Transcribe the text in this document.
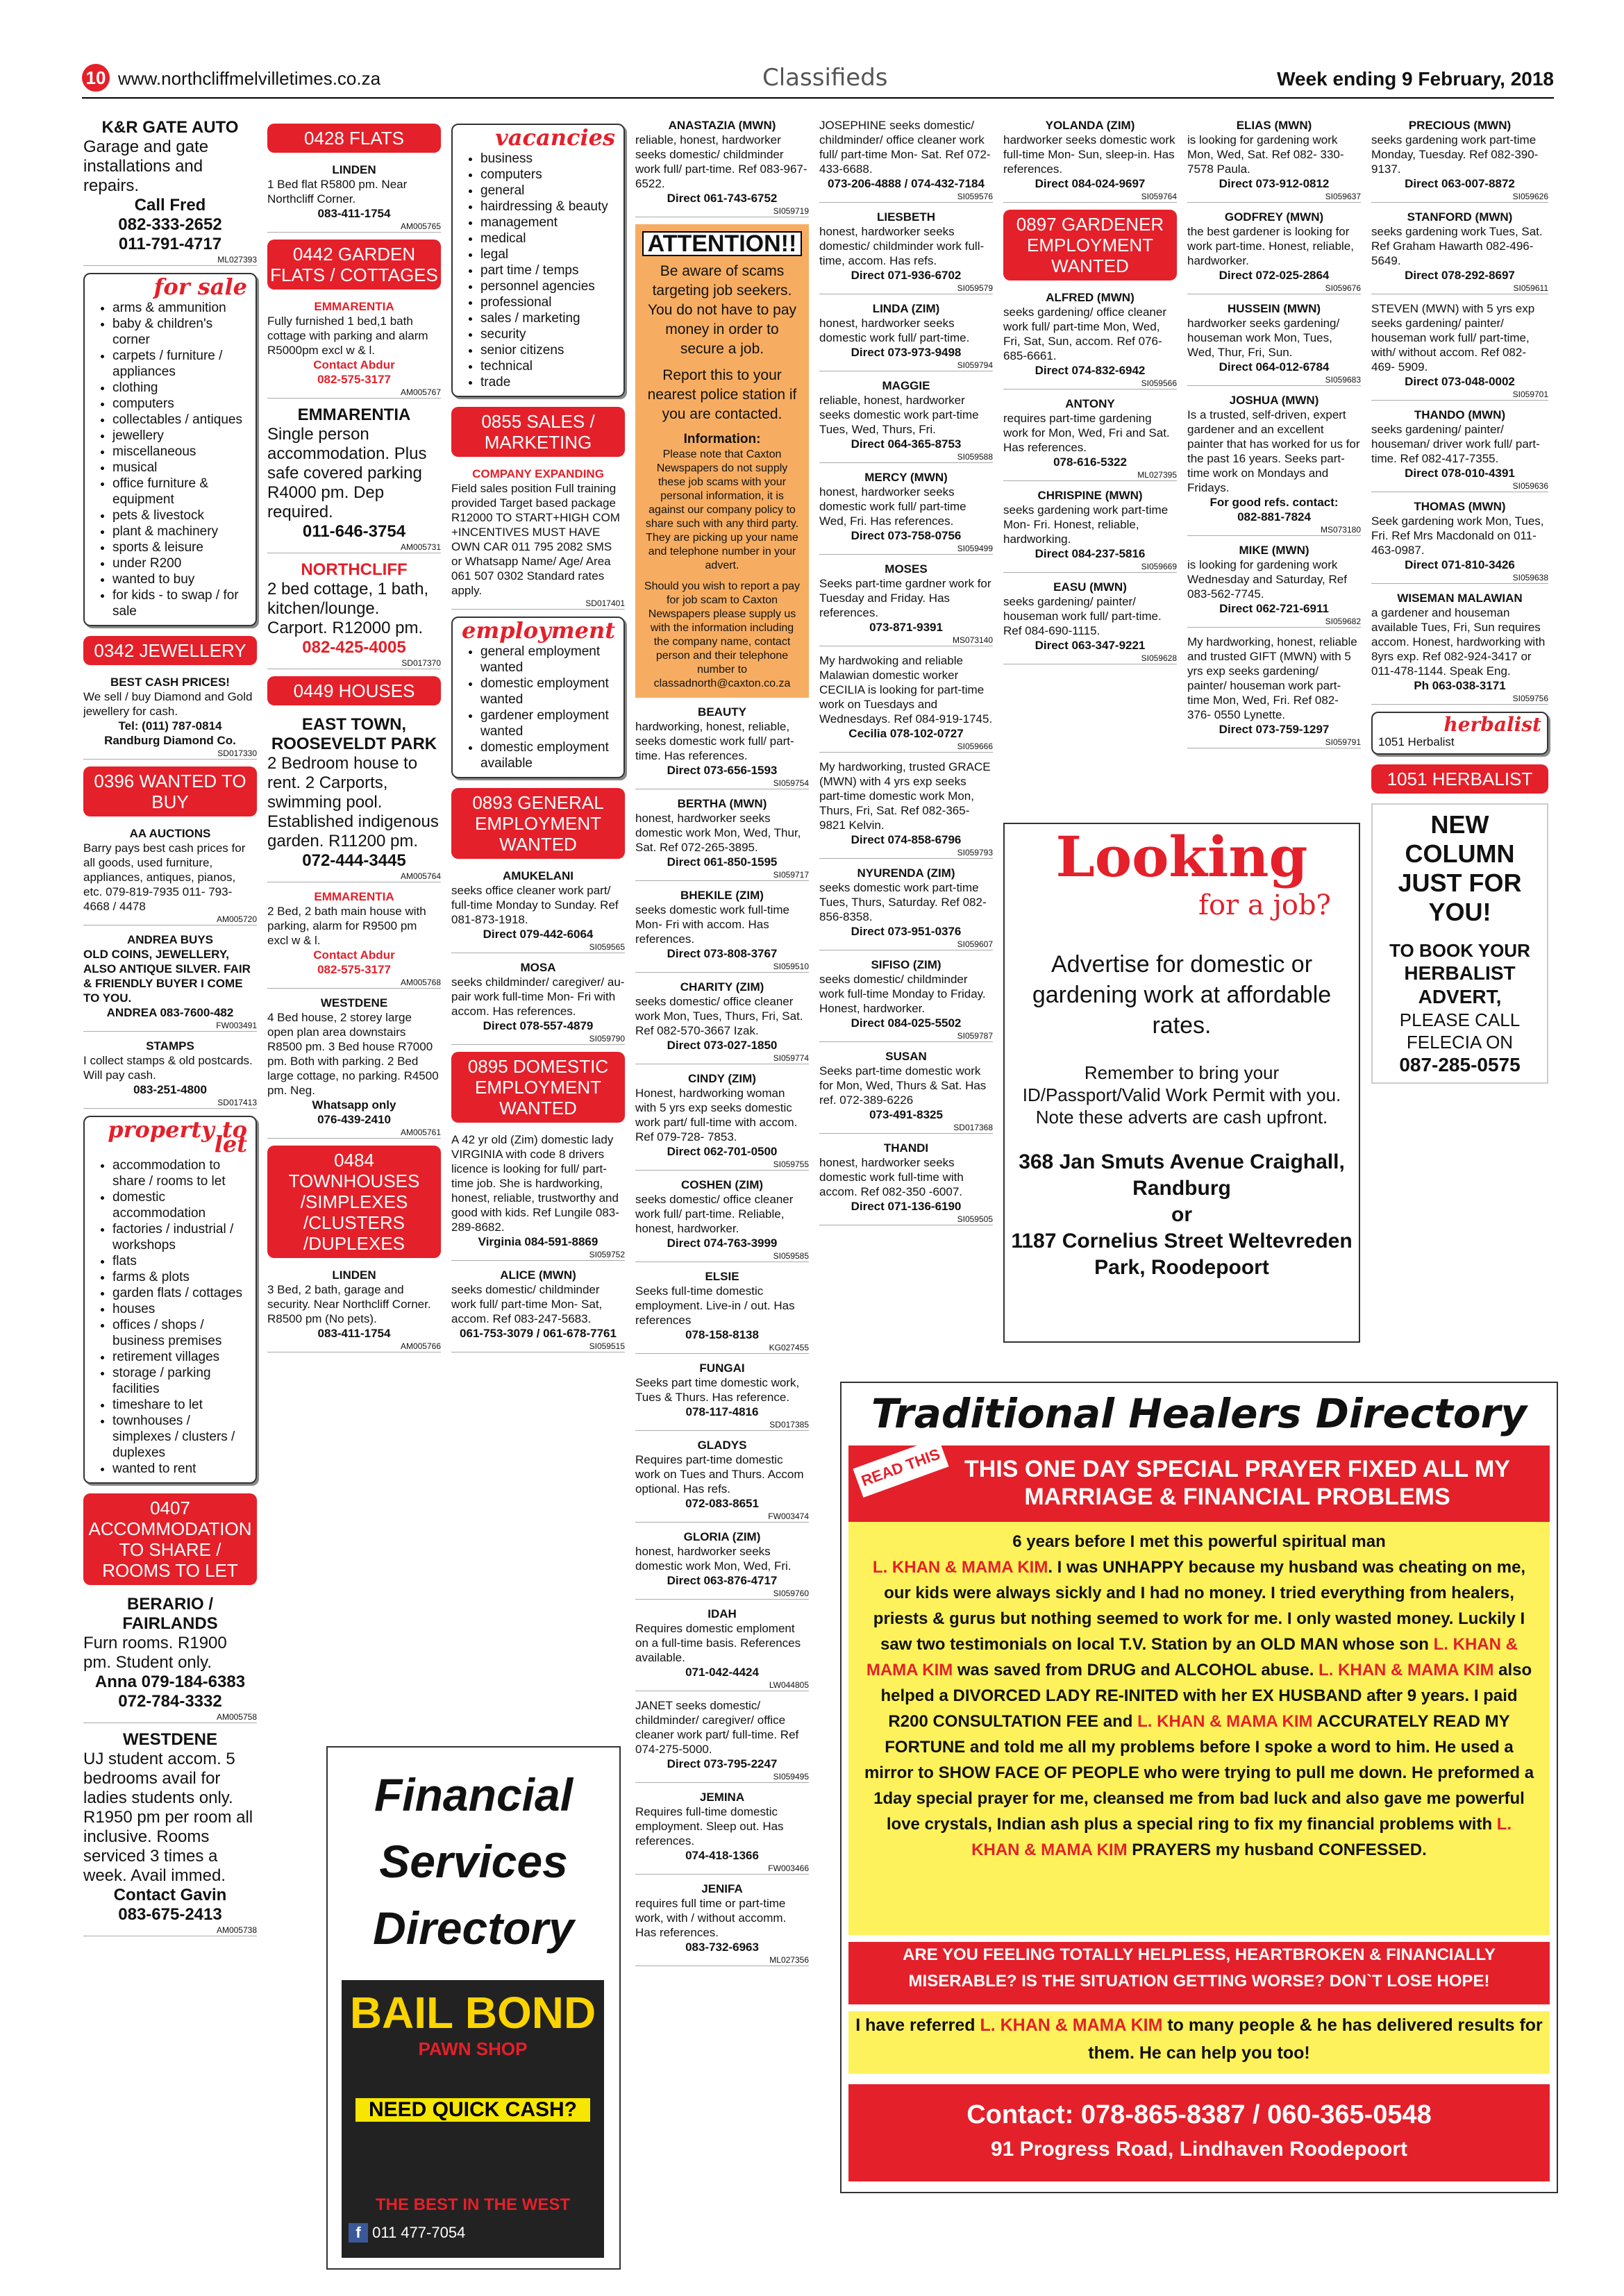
10 www.northcliffmelvilletimes.co.za	Classifieds	Week ending 9 February, 2018
K&R GATE AUTO

Garage and gate installations and repairs.

Call Fred
082-333-2652
011-791-4717
ML027393
for sale
• arms & ammunition
• baby & children's corner
• carpets / furniture / appliances
• clothing
• computers
• collectables / antiques
• jewellery
• miscellaneous
• musical
• office furniture & equipment
• pets & livestock
• plant & machinery
• sports & leisure
• under R200
• wanted to buy
• for kids - to swap / for sale
0342 JEWELLERY
BEST CASH PRICES!

We sell / buy Diamond and Gold jewellery for cash.

Tel: (011) 787-0814
Randburg Diamond Co.
SD017330
0396 WANTED TO BUY
AA AUCTIONS

Barry pays best cash prices for all goods, used furniture, appliances, antiques, pianos, etc. 079-819-7935 011- 793- 4668 / 4478

AM005720
ANDREA BUYS

OLD COINS, JEWELLERY, ALSO ANTIQUE SILVER. FAIR & FRIENDLY BUYER I COME TO YOU.

ANDREA 083-7600-482
FW003491
STAMPS

I collect stamps & old postcards. Will pay cash.

083-251-4800
SD017413
property to let
• accommodation to share / rooms to let
• domestic accommodation
• factories / industrial / workshops
• flats
• farms & plots
• garden flats / cottages
• houses
• offices / shops / business premises
• retirement villages
• storage / parking facilities
• timeshare to let
• townhouses / simplexes / clusters / duplexes
• wanted to rent
0407 ACCOMMODATION TO SHARE / ROOMS TO LET
BERARIO / FAIRLANDS

Furn rooms. R1900 pm. Student only.

Anna 079-184-6383
072-784-3332
AM005758
WESTDENE

UJ student accom. 5 bedrooms avail for ladies students only. R1950 pm per room all inclusive. Rooms serviced 3 times a week. Avail immed.

Contact Gavin
083-675-2413
AM005738
0428 FLATS
LINDEN

1 Bed flat R5800 pm. Near Northcliff Corner.

083-411-1754
AM005765
0442 GARDEN FLATS / COTTAGES
EMMARENTIA

Fully furnished 1 bed,1 bath cottage with parking and alarm R5000pm excl w & l.

Contact Abdur
082-575-3177
AM005767
EMMARENTIA

Single person accommodation. Plus safe covered parking R4000 pm. Dep required.

011-646-3754
AM005731
NORTHCLIFF

2 bed cottage, 1 bath, kitchen/lounge. Carport. R12000 pm.

082-425-4005
SD017370
0449 HOUSES
EAST TOWN, ROOSEVELDT PARK

2 Bedroom house to rent. 2 Carports, swimming pool. Established indigenous garden. R11200 pm.

072-444-3445
AM005764
EMMARENTIA

2 Bed, 2 bath main house with parking, alarm for R9500 pm excl w & l.

Contact Abdur
082-575-3177
AM005768
WESTDENE

4 Bed house, 2 storey large open plan area downstairs R8500 pm. 3 Bed house R7000 pm. Both with parking. 2 Bed large cottage, no parking. R4500 pm. Neg.

Whatsapp only
076-439-2410
AM005761
0484 TOWNHOUSES /SIMPLEXES /CLUSTERS /DUPLEXES
LINDEN

3 Bed, 2 bath, garage and security. Near Northcliff Corner. R8500 pm (No pets).

083-411-1754
AM005766
vacancies
• business
• computers
• general
• hairdressing & beauty
• management
• medical
• legal
• part time / temps
• personnel agencies
• professional
• sales / marketing
• security
• senior citizens
• technical
• trade
0855 SALES / MARKETING
COMPANY EXPANDING

Field sales position Full training provided Target based package R12000 TO START+HIGH COM +INCENTIVES MUST HAVE OWN CAR 011 795 2082 SMS or Whatsapp Name/ Age/ Area 061 507 0302 Standard rates apply.

SD017401
employment
• general employment wanted
• domestic employment wanted
• gardener employment wanted
• domestic employment available
0893 GENERAL EMPLOYMENT WANTED
AMUKELANI

seeks office cleaner work part/ full-time Monday to Sunday. Ref 081-873-1918.

Direct 079-442-6064
SI059565
MOSA

seeks childminder/ caregiver/ au-pair work full-time Mon- Fri with accom. Has references.

Direct 078-557-4879
SI059790
0895 DOMESTIC EMPLOYMENT WANTED

A 42 yr old (Zim) domestic lady VIRGINIA with code 8 drivers licence is looking for full/ part-time job. She is hardworking, honest, reliable, trustworthy and good with kids. Ref Lungile 083-289-8682.

Virginia 084-591-8869
SI059752
ALICE (MWN)

seeks domestic/ childminder work full/ part-time Mon- Sat, accom. Ref 083-247-5683.

061-753-3079 / 061-678-7761
SI059515
Financial Services Directory
BAIL BOND
PAWN SHOP
NEED QUICK CASH?
THE BEST IN THE WEST
f 011 477-7054
ANASTAZIA (MWN)

reliable, honest, hardworker seeks domestic/ childminder work full/ part-time. Ref 083-967-6522.

Direct 061-743-6752
SI059719
ATTENTION!!

Be aware of scams targeting job seekers. You do not have to pay money in order to secure a job.

Report this to your nearest police station if you are contacted.

Information:

Please note that Caxton Newspapers do not supply these job scams with your personal information, it is against our company policy to share such with any third party. They are picking up your name and telephone number in your advert.

Should you wish to report a pay for job scam to Caxton Newspapers please supply us with the information including the company name, contact person and their telephone number to classadnorth@caxton.co.za

BEAUTY

hardworking, honest, reliable, seeks domestic work full/ part-time. Has references.

Direct 073-656-1593
SI059754
BERTHA (MWN)

honest, hardworker seeks domestic work Mon, Wed, Thur, Sat. Ref 072-265-3895.

Direct 061-850-1595
SI059717
BHEKILE (ZIM)

seeks domestic work full-time Mon- Fri with accom. Has references.

Direct 073-808-3767
SI059510
CHARITY (ZIM)

seeks domestic/ office cleaner work Mon, Tues, Thurs, Fri, Sat. Ref 082-570-3667 Izak.

Direct 073-027-1850
SI059774
CINDY (ZIM)

Honest, hardworking woman with 5 yrs exp seeks domestic work part/ full-time with accom. Ref 079-728- 7853.

Direct 062-701-0500
SI059755
COSHEN (ZIM)

seeks domestic/ office cleaner work full/ part-time. Reliable, honest, hardworker.

Direct 074-763-3999
SI059585
ELSIE

Seeks full-time domestic employment. Live-in / out. Has references

078-158-8138
KG027455
FUNGAI

Seeks part time domestic work, Tues & Thurs. Has reference.

078-117-4816
SD017385
GLADYS

Requires part-time domestic work on Tues and Thurs. Accom optional. Has refs.

072-083-8651
FW003474
GLORIA (ZIM)

honest, hardworker seeks domestic work Mon, Wed, Fri.

Direct 063-876-4717
SI059760
IDAH

Requires domestic emploment on a full-time basis. References available.

071-042-4424
LW044805

JANET seeks domestic/ childminder/ caregiver/ office cleaner work part/ full-time. Ref 074-275-5000.

Direct 073-795-2247
SI059495
JEMINA

Requires full-time domestic employment. Sleep out. Has references.

074-418-1366
FW003466
JENIFA

requires full time or part-time work, with / without accomm. Has references.

083-732-6963
ML027356

JOSEPHINE seeks domestic/ childminder/ office cleaner work full/ part-time Mon- Sat. Ref 072-433-6688.

073-206-4888 / 074-432-7184
SI059576
LIESBETH

honest, hardworker seeks domestic/ childminder work full-time, accom. Has refs.

Direct 071-936-6702
SI059579
LINDA (ZIM)

honest, hardworker seeks domestic work full/ part-time.

Direct 073-973-9498
SI059794
MAGGIE

reliable, honest, hardworker seeks domestic work part-time Tues, Wed, Thurs, Fri.

Direct 064-365-8753
SI059588
MERCY (MWN)

honest, hardworker seeks domestic work full/ part-time Wed, Fri. Has references.

Direct 073-758-0756
SI059499
MOSES

Seeks part-time gardner work for Tuesday and Friday. Has references.

073-871-9391
MS073140

My hardwoking and reliable Malawian domestic worker CECILIA is looking for part-time work on Tuesdays and Wednesdays. Ref 084-919-1745.

Cecilia 078-102-0727
SI059666

My hardworking, trusted GRACE (MWN) with 4 yrs exp seeks part-time domestic work Mon, Thurs, Fri, Sat. Ref 082-365-9821 Kelvin.

Direct 074-858-6796
SI059793
NYURENDA (ZIM)

seeks domestic work part-time Tues, Thurs, Saturday. Ref 082-856-8358.

Direct 073-951-0376
SI059607
SIFISO (ZIM)

seeks domestic/ childminder work full-time Monday to Friday. Honest, hardworker.

Direct 084-025-5502
SI059787
SUSAN

Seeks part-time domestic work for Mon, Wed, Thurs & Sat. Has ref. 072-389-6226

073-491-8325
SD017368
THANDI

honest, hardworker seeks domestic work full-time with accom. Ref 082-350 -6007.

Direct 071-136-6190
SI059505
YOLANDA (ZIM)

hardworker seeks domestic work full-time Mon- Sun, sleep-in. Has references.

Direct 084-024-9697
SI059764
0897 GARDENER EMPLOYMENT WANTED
ALFRED (MWN)

seeks gardening/ office cleaner work full/ part-time Mon, Wed, Fri, Sat, Sun, accom. Ref 076-685-6661.

Direct 074-832-6942
SI059566
ANTONY

requires part-time gardening work for Mon, Wed, Fri and Sat. Has references.

078-616-5322
ML027395
CHRISPINE (MWN)

seeks gardening work part-time Mon- Fri. Honest, reliable, hardworking.

Direct 084-237-5816
SI059669
EASU (MWN)

seeks gardening/ painter/ houseman work full/ part-time. Ref 084-690-1115.

Direct 063-347-9221
SI059628
ELIAS (MWN)

is looking for gardening work Mon, Wed, Sat. Ref 082- 330-7578 Paula.

Direct 073-912-0812
SI059637
GODFREY (MWN)

the best gardener is looking for work part-time. Honest, reliable, hardworker.

Direct 072-025-2864
SI059676
HUSSEIN (MWN)

hardworker seeks gardening/ houseman work Mon, Tues, Wed, Thur, Fri, Sun.

Direct 064-012-6784
SI059683
JOSHUA (MWN)

Is a trusted, self-driven, expert gardener and an excellent painter that has worked for us for the past 16 years. Seeks part-time work on Mondays and Fridays.

For good refs. contact:
082-881-7824
MS073180
MIKE (MWN)

is looking for gardening work Wednesday and Saturday, Ref 083-562-7745.

Direct 062-721-6911
SI059682

My hardworking, honest, reliable and trusted GIFT (MWN) with 5 yrs exp seeks gardening/ painter/ houseman work part-time Mon, Wed, Fri. Ref 082-376- 0550 Lynette.

Direct 073-759-1297
SI059791
PRECIOUS (MWN)

seeks gardening work part-time Monday, Tuesday. Ref 082-390-9137.

Direct 063-007-8872
SI059626
STANFORD (MWN)

seeks gardening work Tues, Sat. Ref Graham Hawarth 082-496-5649.

Direct 078-292-8697
SI059611

STEVEN (MWN) with 5 yrs exp seeks gardening/ painter/ houseman work full/ part-time, with/ without accom. Ref 082-469- 5909.

Direct 073-048-0002
SI059701
THANDO (MWN)

seeks gardening/ painter/ houseman/ driver work full/ part-time. Ref 082-417-7355.

Direct 078-010-4391
SI059636
THOMAS (MWN)

Seek gardening work Mon, Tues, Fri. Ref Mrs Macdonald on 011- 463-0987.

Direct 071-810-3426
SI059638
WISEMAN MALAWIAN

a gardener and houseman available Tues, Fri, Sun requires accom. Honest, hardworking with 8yrs exp. Ref 082-924-3417 or 011-478-1144. Speak Eng.

Ph 063-038-3171
SI059756
herbalist
1051 Herbalist
1051 HERBALIST
NEW COLUMN JUST FOR YOU!
TO BOOK YOUR
HERBALIST ADVERT,
PLEASE CALL
FELECIA ON
087-285-0575
Looking
for a job?
Advertise for domestic or gardening work at affordable rates.
Remember to bring your ID/Passport/Valid Work Permit with you. Note these adverts are cash upfront.
368 Jan Smuts Avenue Craighall, Randburg
or
1187 Cornelius Street Weltevreden Park, Roodepoort
Traditional Healers Directory
READ THIS THIS ONE DAY SPECIAL PRAYER FIXED ALL MY MARRIAGE & FINANCIAL PROBLEMS
6 years before I met this powerful spiritual man
L. KHAN & MAMA KIM. I was UNHAPPY because my husband was cheating on me, our kids were always sickly and I had no money. I tried everything from healers, priests & gurus but nothing seemed to work for me. I only wasted money. Luckily I saw two testimonials on local T.V. Station by an OLD MAN whose son L. KHAN & MAMA KIM was saved from DRUG and ALCOHOL abuse. L. KHAN & MAMA KIM also helped a DIVORCED LADY RE-INITED with her EX HUSBAND after 9 years. I paid R200 CONSULTATION FEE and L. KHAN & MAMA KIM ACCURATELY READ MY FORTUNE and told me all my problems before I spoke a word to him. He used a mirror to SHOW FACE OF PEOPLE who were trying to pull me down. He preformed a 1day special prayer for me, cleansed me from bad luck and also gave me powerful love crystals, Indian ash plus a special ring to fix my financial problems with L. KHAN & MAMA KIM PRAYERS my husband CONFESSED.
ARE YOU FEELING TOTALLY HELPLESS, HEARTBROKEN & FINANCIALLY MISERABLE? IS THE SITUATION GETTING WORSE? DON`T LOSE HOPE!
I have referred L. KHAN & MAMA KIM to many people & he has delivered results for them. He can help you too!
Contact: 078-865-8387 / 060-365-0548
91 Progress Road, Lindhaven Roodepoort
